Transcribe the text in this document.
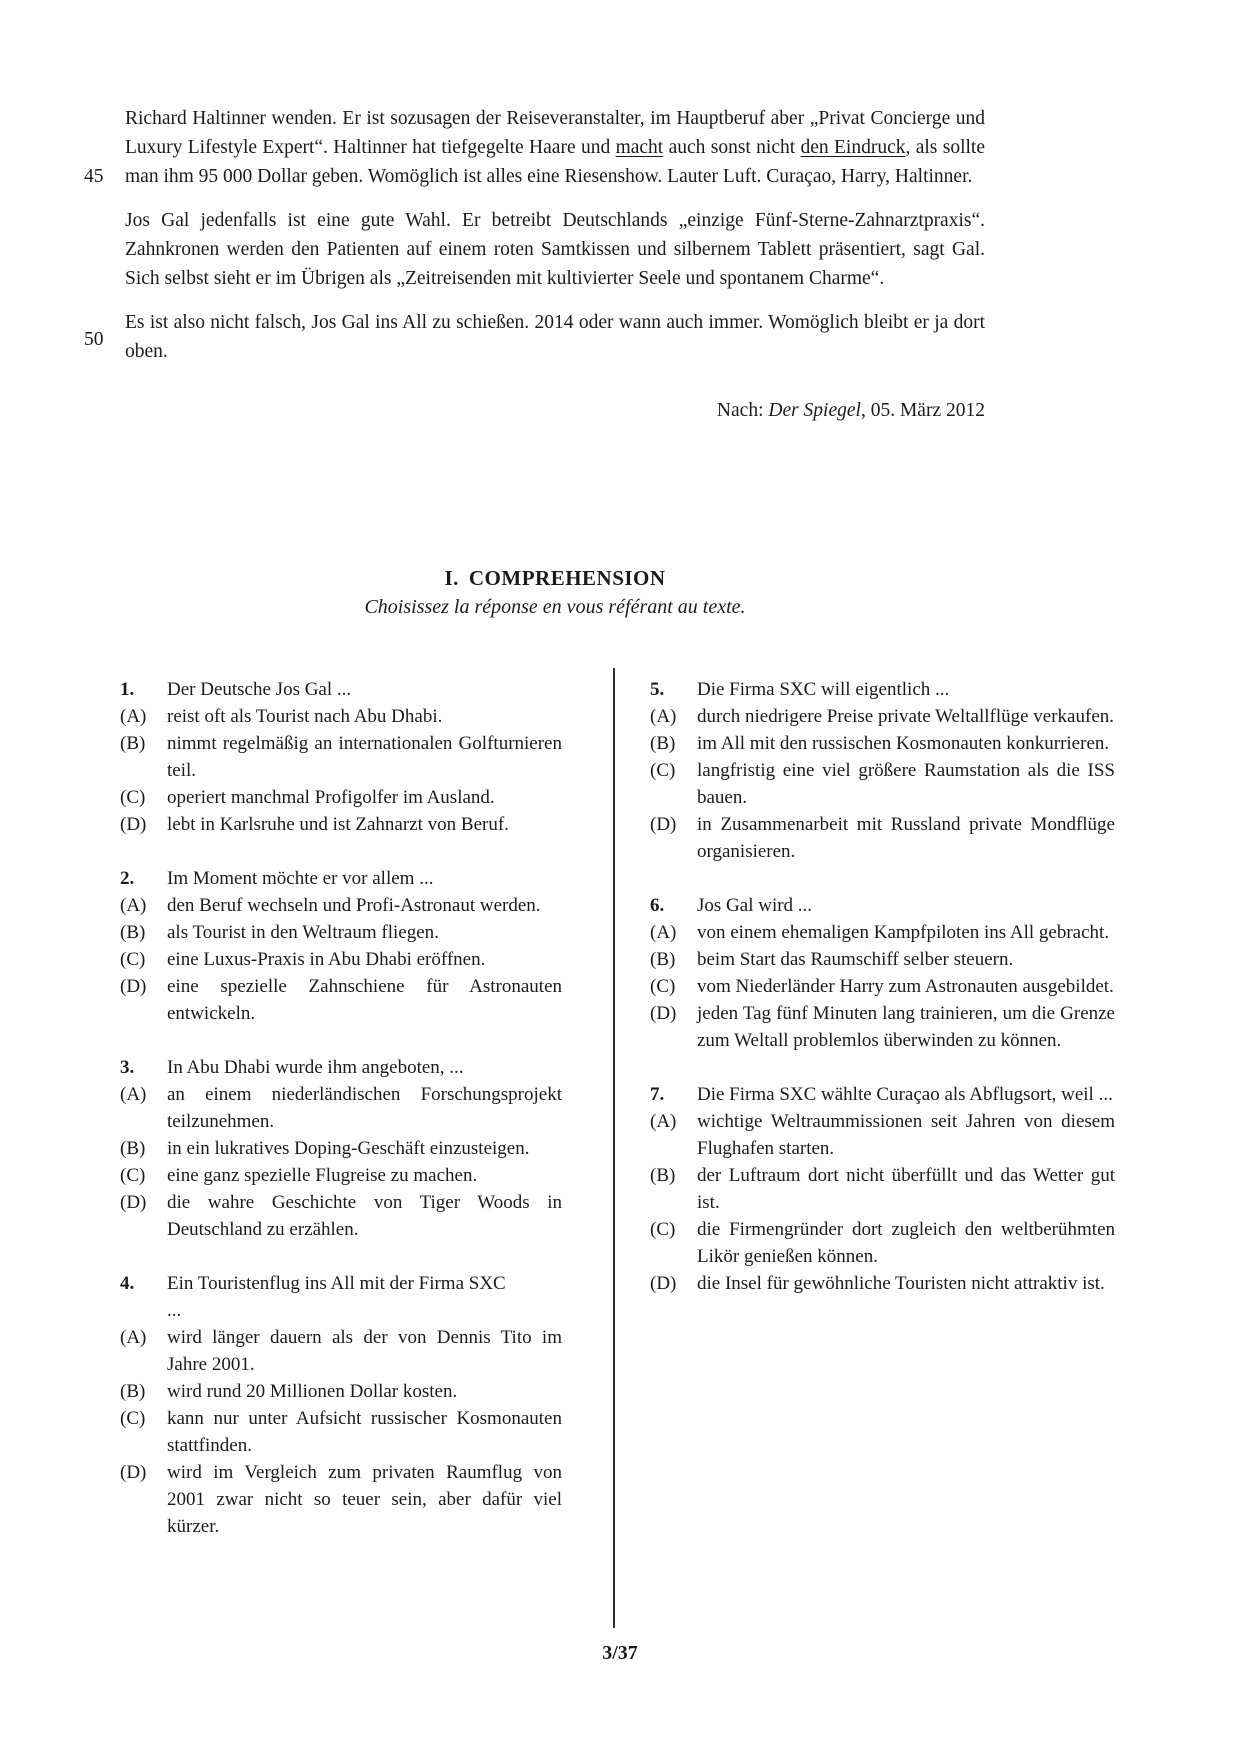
45
50

Richard Haltinner wenden. Er ist sozusagen der Reiseveranstalter, im Hauptberuf aber „Privat Concierge und Luxury Lifestyle Expert“. Haltinner hat tiefgegelte Haare und macht auch sonst nicht den Eindruck, als sollte man ihm 95 000 Dollar geben. Womöglich ist alles eine Riesenshow. Lauter Luft. Curaçao, Harry, Haltinner.

Jos Gal jedenfalls ist eine gute Wahl. Er betreibt Deutschlands „einzige Fünf-Sterne-Zahnarztpraxis“. Zahnkronen werden den Patienten auf einem roten Samtkissen und silbernem Tablett präsentiert, sagt Gal. Sich selbst sieht er im Übrigen als „Zeitreisenden mit kultivierter Seele und spontanem Charme“.

Es ist also nicht falsch, Jos Gal ins All zu schießen. 2014 oder wann auch immer. Womöglich bleibt er ja dort oben.

Nach: Der Spiegel, 05. März 2012
I. COMPREHENSION
Choisissez la réponse en vous référant au texte.
1.	Der Deutsche Jos Gal ...
(A)	reist oft als Tourist nach Abu Dhabi.
(B)	nimmt regelmäßig an internationalen Golfturnieren teil.
(C)	operiert manchmal Profigolfer im Ausland.
(D)	lebt in Karlsruhe und ist Zahnarzt von Beruf.
2.	Im Moment möchte er vor allem ...
(A)	den Beruf wechseln und Profi-Astronaut werden.
(B)	als Tourist in den Weltraum fliegen.
(C)	eine Luxus-Praxis in Abu Dhabi eröffnen.
(D)	eine spezielle Zahnschiene für Astronauten entwickeln.
3.	In Abu Dhabi wurde ihm angeboten, ...
(A)	an einem niederländischen Forschungsprojekt teilzunehmen.
(B)	in ein lukratives Doping-Geschäft einzusteigen.
(C)	eine ganz spezielle Flugreise zu machen.
(D)	die wahre Geschichte von Tiger Woods in Deutschland zu erzählen.
4.	Ein Touristenflug ins All mit der Firma SXC
...
(A)	wird länger dauern als der von Dennis Tito im Jahre 2001.
(B)	wird rund 20 Millionen Dollar kosten.
(C)	kann nur unter Aufsicht russischer Kosmonauten stattfinden.
(D)	wird im Vergleich zum privaten Raumflug von 2001 zwar nicht so teuer sein, aber dafür viel kürzer.
5.	Die Firma SXC will eigentlich ...
(A)	durch niedrigere Preise private Weltallflüge verkaufen.
(B)	im All mit den russischen Kosmonauten konkurrieren.
(C)	langfristig eine viel größere Raumstation als die ISS bauen.
(D)	in Zusammenarbeit mit Russland private Mondflüge organisieren.
6.	Jos Gal wird ...
(A)	von einem ehemaligen Kampfpiloten ins All gebracht.
(B)	beim Start das Raumschiff selber steuern.
(C)	vom Niederländer Harry zum Astronauten ausgebildet.
(D)	jeden Tag fünf Minuten lang trainieren, um die Grenze zum Weltall problemlos überwinden zu können.
7.	Die Firma SXC wählte Curaçao als Abflugsort, weil ...
(A)	wichtige Weltraummissionen seit Jahren von diesem Flughafen starten.
(B)	der Luftraum dort nicht überfüllt und das Wetter gut ist.
(C)	die Firmengründer dort zugleich den weltberühmten Likör genießen können.
(D)	die Insel für gewöhnliche Touristen nicht attraktiv ist.
3/37
